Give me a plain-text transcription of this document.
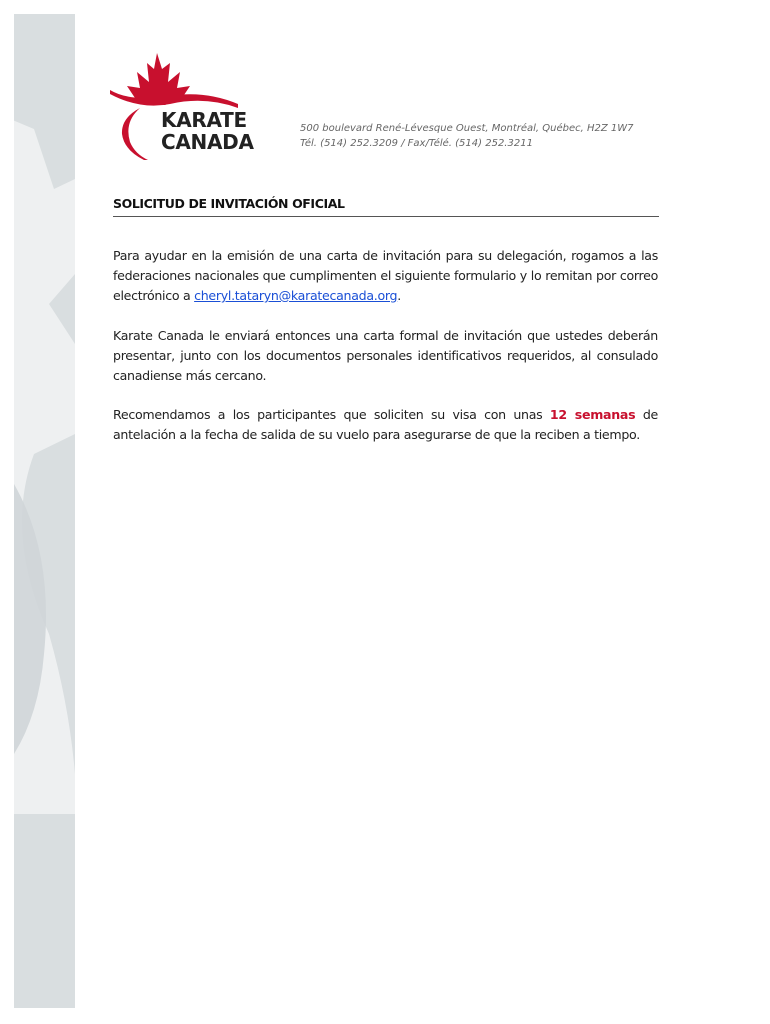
KARATE
CANADA
500 boulevard René-Lévesque Ouest, Montréal, Québec, H2Z 1W7
Tél. (514) 252.3209 / Fax/Télé. (514) 252.3211
SOLICITUD DE INVITACIÓN OFICIAL

Para ayudar en la emisión de una carta de invitación para su delegación, rogamos a las federaciones nacionales que cumplimenten el siguiente formulario y lo remitan por correo electrónico a cheryl.tataryn@karatecanada.org.

Karate Canada le enviará entonces una carta formal de invitación que ustedes deberán presentar, junto con los documentos personales identificativos requeridos, al consulado canadiense más cercano.

Recomendamos a los participantes que soliciten su visa con unas 12 semanas de antelación a la fecha de salida de su vuelo para asegurarse de que la reciben a tiempo.
